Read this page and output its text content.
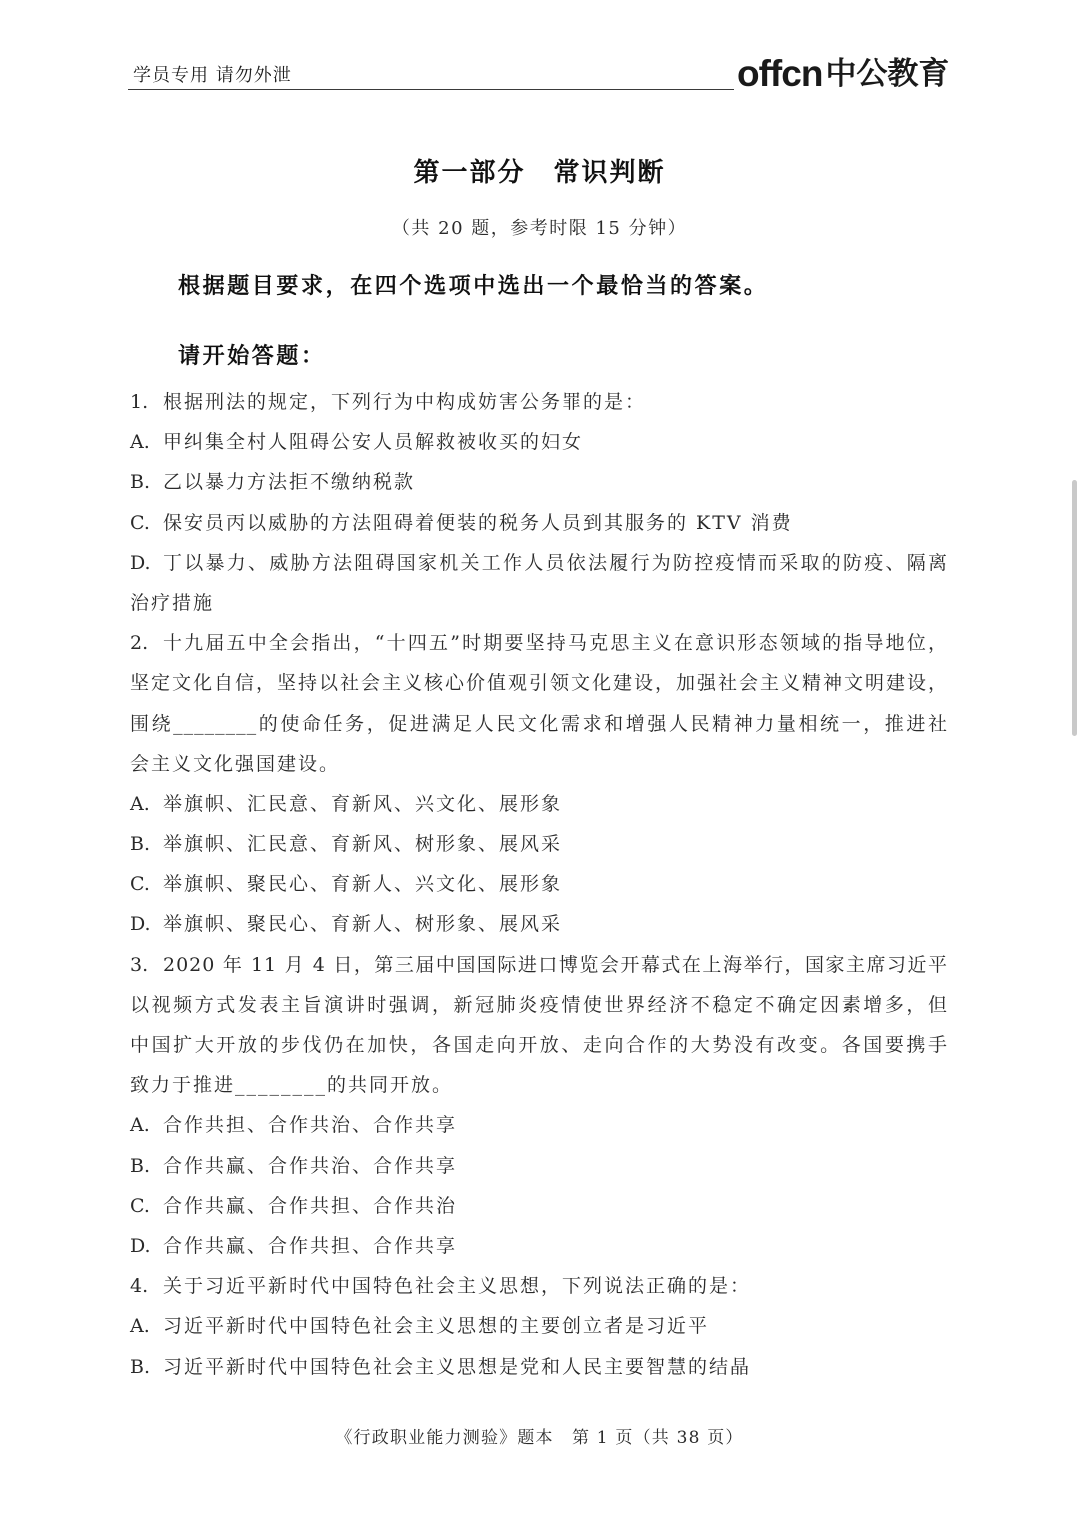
学员专用 请勿外泄	offcn 中公教育
第一部分　常识判断
（共 20 题，参考时限 15 分钟）
根据题目要求，在四个选项中选出一个最恰当的答案。
请开始答题：
1. 根据刑法的规定，下列行为中构成妨害公务罪的是：
A. 甲纠集全村人阻碍公安人员解救被收买的妇女
B. 乙以暴力方法拒不缴纳税款
C. 保安员丙以威胁的方法阻碍着便装的税务人员到其服务的 KTV 消费
D. 丁以暴力、威胁方法阻碍国家机关工作人员依法履行为防控疫情而采取的防疫、隔离
治疗措施
2. 十九届五中全会指出，“十四五”时期要坚持马克思主义在意识形态领域的指导地位，
坚定文化自信，坚持以社会主义核心价值观引领文化建设，加强社会主义精神文明建设，
围绕________的使命任务，促进满足人民文化需求和增强人民精神力量相统一，推进社
会主义文化强国建设。
A. 举旗帜、汇民意、育新风、兴文化、展形象
B. 举旗帜、汇民意、育新风、树形象、展风采
C. 举旗帜、聚民心、育新人、兴文化、展形象
D. 举旗帜、聚民心、育新人、树形象、展风采
3. 2020 年 11 月 4 日，第三届中国国际进口博览会开幕式在上海举行，国家主席习近平
以视频方式发表主旨演讲时强调，新冠肺炎疫情使世界经济不稳定不确定因素增多，但
中国扩大开放的步伐仍在加快，各国走向开放、走向合作的大势没有改变。各国要携手
致力于推进________的共同开放。
A. 合作共担、合作共治、合作共享
B. 合作共赢、合作共治、合作共享
C. 合作共赢、合作共担、合作共治
D. 合作共赢、合作共担、合作共享
4. 关于习近平新时代中国特色社会主义思想，下列说法正确的是：
A. 习近平新时代中国特色社会主义思想的主要创立者是习近平
B. 习近平新时代中国特色社会主义思想是党和人民主要智慧的结晶
《行政职业能力测验》题本　第 1 页（共 38 页）
